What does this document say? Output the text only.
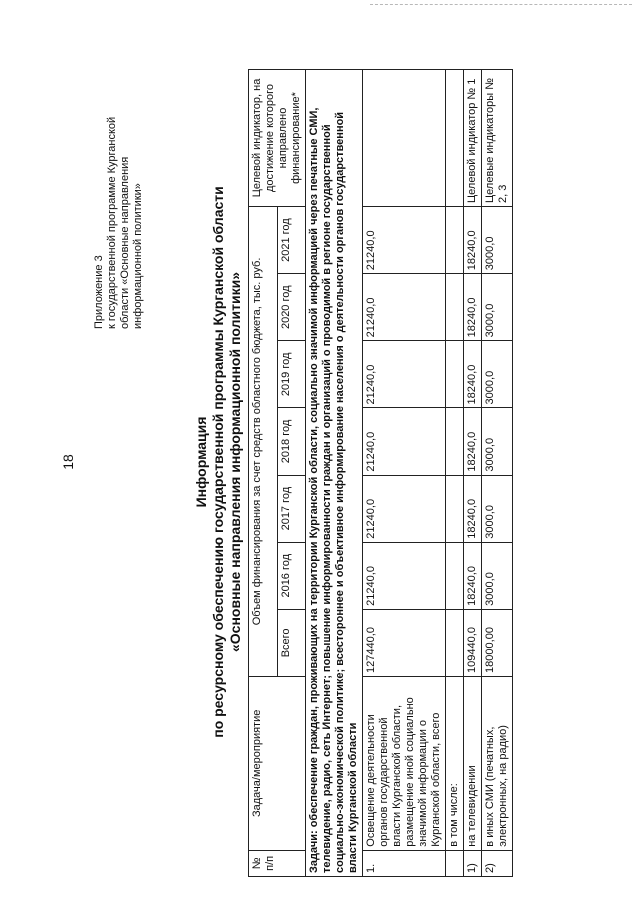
18
Приложение 3 к государственной программе Курганской области «Основные направления информационной политики»
Информация по ресурсному обеспечению государственной программы Курганской области «Основные направления информационной политики»
№ п/п	Задача/мероприятие	Объем финансирования за счет средств областного бюджета, тыс. руб.							Целевой индикатор, на достижение которого направлено финансирование*
		Всего	2016 год	2017 год	2018 год	2019 год	2020 год	2021 год	
Задачи: обеспечение граждан, проживающих на территории Курганской области, социально значимой информацией через печатные СМИ, телевидение, радио, сеть Интернет; повышение информированности граждан и организаций о проводимой в регионе государственной социально-экономической политике; всестороннее и объективное информирование населения о деятельности органов государственной власти Курганской области									
1.	Освещение деятельности органов государственной власти Курганской области, размещение иной социально значимой информации о Курганской области, всего	127440,0	21240,0	21240,0	21240,0	21240,0	21240,0	21240,0	
	в том числе:								
1)	на телевидении	109440,0	18240,0	18240,0	18240,0	18240,0	18240,0	18240,0	Целевой индикатор № 1
2)	в иных СМИ (печатных, электронных, на радио)	18000,00	3000,0	3000,0	3000,0	3000,0	3000,0	3000,0	Целевые индикаторы № 2, 3
